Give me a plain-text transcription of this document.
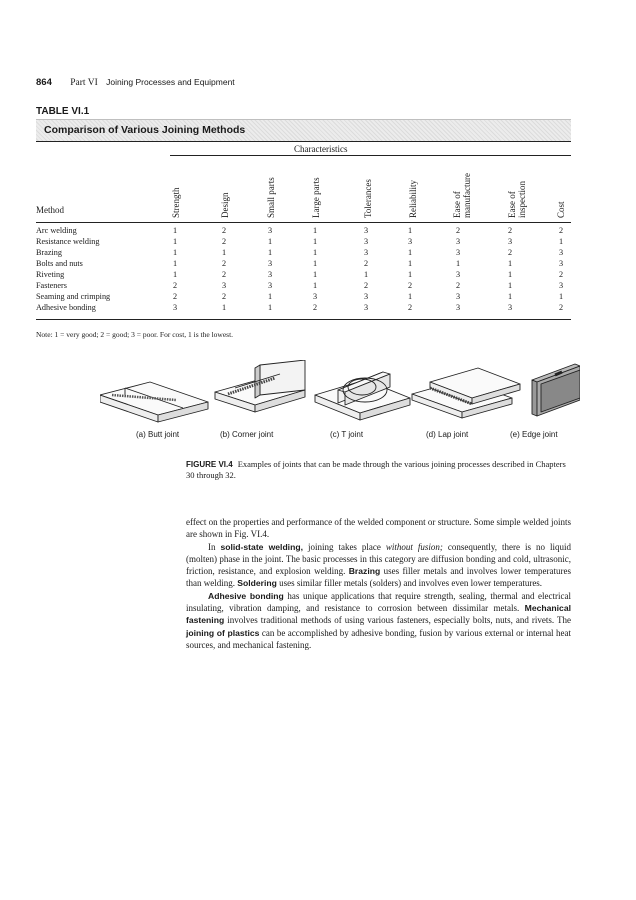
864 Part VI Joining Processes and Equipment
TABLE VI.1
Comparison of Various Joining Methods
Characteristics
Method	Strength	Design	Small parts	Large parts	Tolerances	Reliability	Ease of manufacture	Ease of inspection	Cost
Arc welding	1	2	3	1	3	1	2	2	2
Resistance welding	1	2	1	1	3	3	3	3	1
Brazing	1	1	1	1	3	1	3	2	3
Bolts and nuts	1	2	3	1	2	1	1	1	3
Riveting	1	2	3	1	1	1	3	1	2
Fasteners	2	3	3	1	2	2	2	1	3
Seaming and crimping	2	2	1	3	3	1	3	1	1
Adhesive bonding	3	1	1	2	3	2	3	3	2
Note: 1 = very good; 2 = good; 3 = poor. For cost, 1 is the lowest.
(a) Butt joint	(b) Corner joint	(c) T joint	(d) Lap joint	(e) Edge joint
FIGURE VI.4 Examples of joints that can be made through the various joining processes described in Chapters 30 through 32.

effect on the properties and performance of the welded component or structure. Some simple welded joints are shown in Fig. VI.4.

In solid-state welding, joining takes place without fusion; consequently, there is no liquid (molten) phase in the joint. The basic processes in this category are diffusion bonding and cold, ultrasonic, friction, resistance, and explosion welding. Brazing uses filler metals and involves lower temperatures than welding. Soldering uses similar filler metals (solders) and involves even lower temperatures.

Adhesive bonding has unique applications that require strength, sealing, thermal and electrical insulating, vibration damping, and resistance to corrosion between dissimilar metals. Mechanical fastening involves traditional methods of using various fasteners, especially bolts, nuts, and rivets. The joining of plastics can be accomplished by adhesive bonding, fusion by various external or internal heat sources, and mechanical fastening.
